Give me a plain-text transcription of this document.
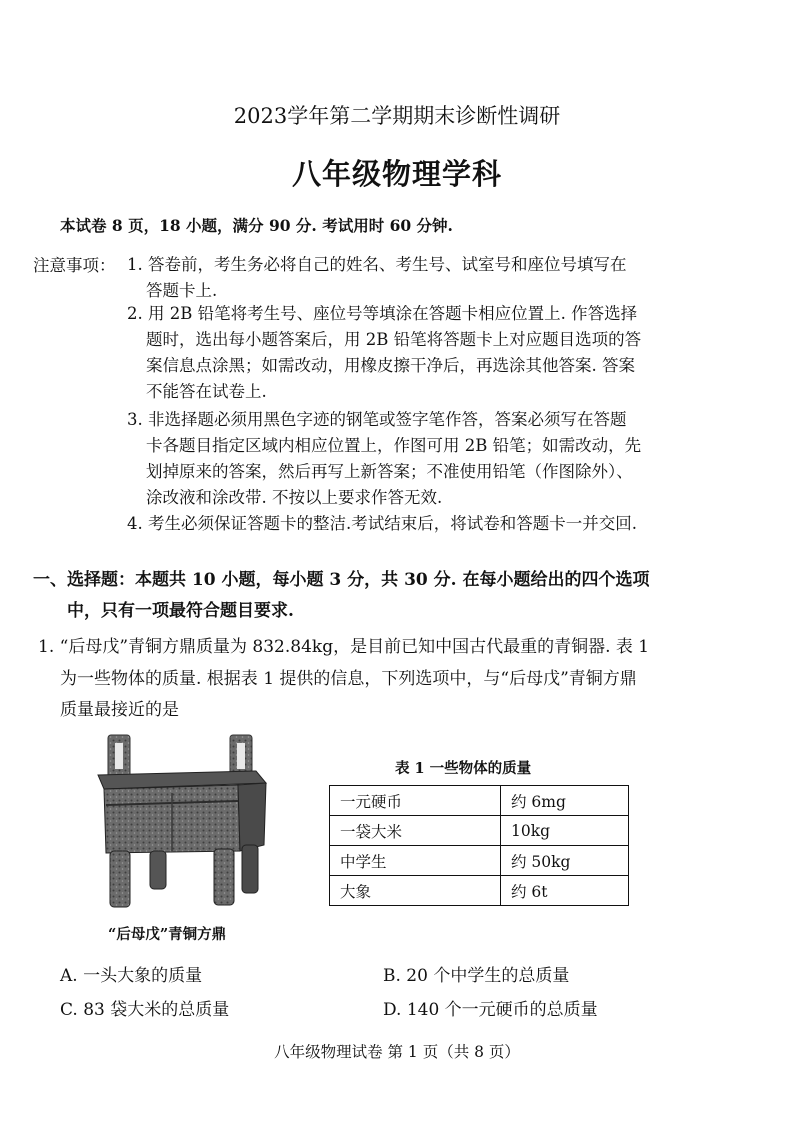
2023学年第二学期期末诊断性调研
八年级物理学科
本试卷 8 页，18 小题，满分 90 分. 考试用时 60 分钟.
注意事项： 1. 答卷前，考生务必将自己的姓名、考生号、试室号和座位号填写在
答题卡上.
2. 用 2B 铅笔将考生号、座位号等填涂在答题卡相应位置上. 作答选择
题时，选出每小题答案后，用 2B 铅笔将答题卡上对应题目选项的答
案信息点涂黑；如需改动，用橡皮擦干净后，再选涂其他答案. 答案
不能答在试卷上.
3. 非选择题必须用黑色字迹的钢笔或签字笔作答，答案必须写在答题
卡各题目指定区域内相应位置上，作图可用 2B 铅笔；如需改动，先
划掉原来的答案，然后再写上新答案；不准使用铅笔（作图除外）、
涂改液和涂改带. 不按以上要求作答无效.
4. 考生必须保证答题卡的整洁.考试结束后，将试卷和答题卡一并交回.
一、选择题：本题共 10 小题，每小题 3 分，共 30 分. 在每小题给出的四个选项
中，只有一项最符合题目要求.
1. “后母戊”青铜方鼎质量为 832.84kg，是目前已知中国古代最重的青铜器. 表 1
为一些物体的质量. 根据表 1 提供的信息，下列选项中，与“后母戊”青铜方鼎
质量最接近的是
“后母戊”青铜方鼎
表 1 一些物体的质量
一元硬币	约 6mg
一袋大米	10kg
中学生	约 50kg
大象	约 6t
A. 一头大象的质量	B. 20 个中学生的总质量
C. 83 袋大米的总质量	D. 140 个一元硬币的总质量
八年级物理试卷 第 1 页（共 8 页）
